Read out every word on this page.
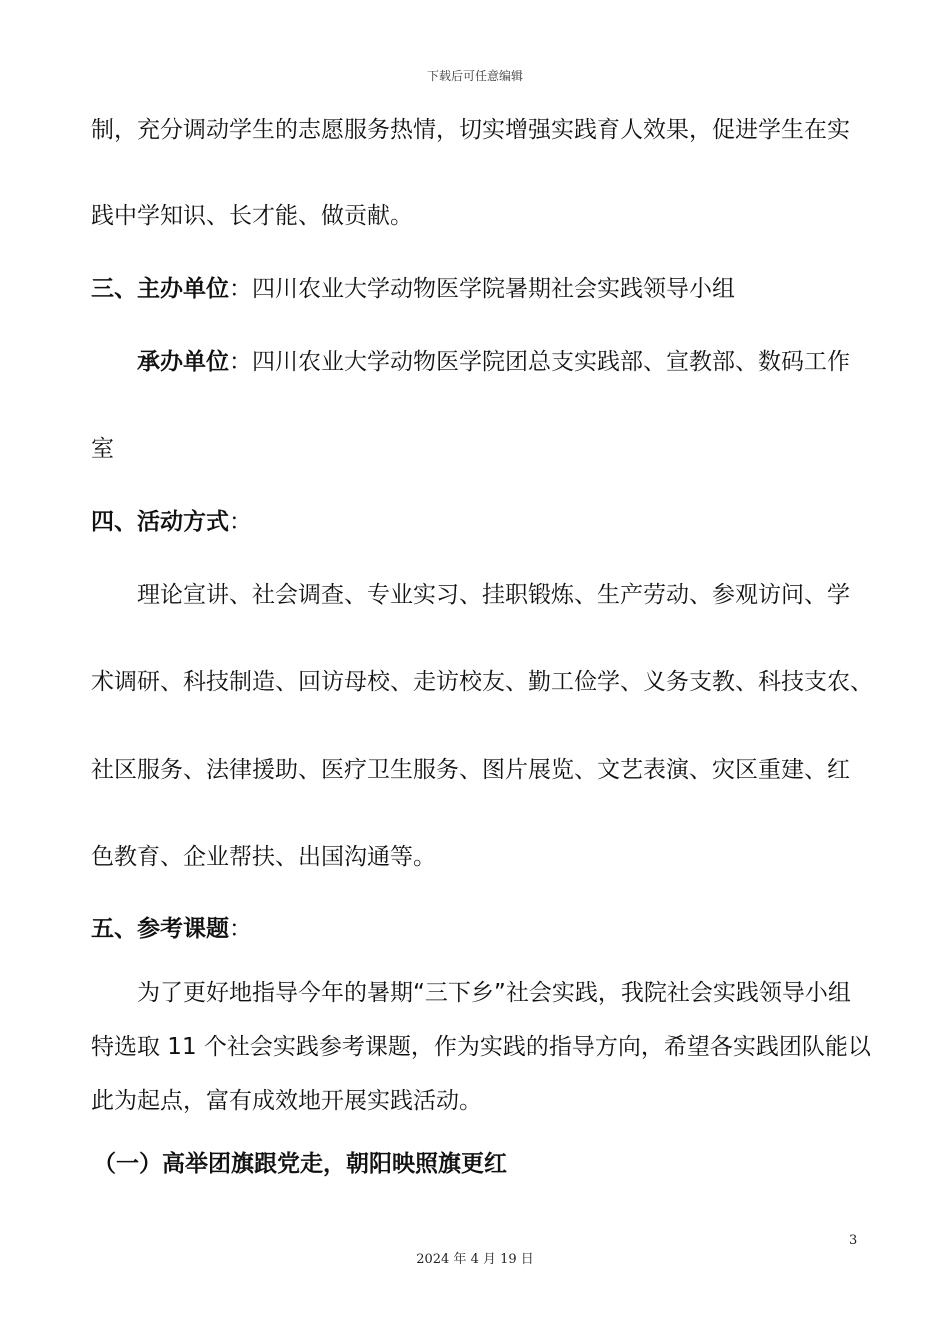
下载后可任意编辑
制，充分调动学生的志愿服务热情，切实增强实践育人效果，促进学生在实
践中学知识、长才能、做贡献。
三、主办单位：四川农业大学动物医学院暑期社会实践领导小组
承办单位：四川农业大学动物医学院团总支实践部、宣教部、数码工作
室
四、活动方式：
理论宣讲、社会调查、专业实习、挂职锻炼、生产劳动、参观访问、学
术调研、科技制造、回访母校、走访校友、勤工俭学、义务支教、科技支农、
社区服务、法律援助、医疗卫生服务、图片展览、文艺表演、灾区重建、红
色教育、企业帮扶、出国沟通等。
五、参考课题：
为了更好地指导今年的暑期“三下乡”社会实践，我院社会实践领导小组
特选取 11 个社会实践参考课题，作为实践的指导方向，希望各实践团队能以
此为起点，富有成效地开展实践活动。
（一）高举团旗跟党走，朝阳映照旗更红
3
2024 年 4 月 19 日
